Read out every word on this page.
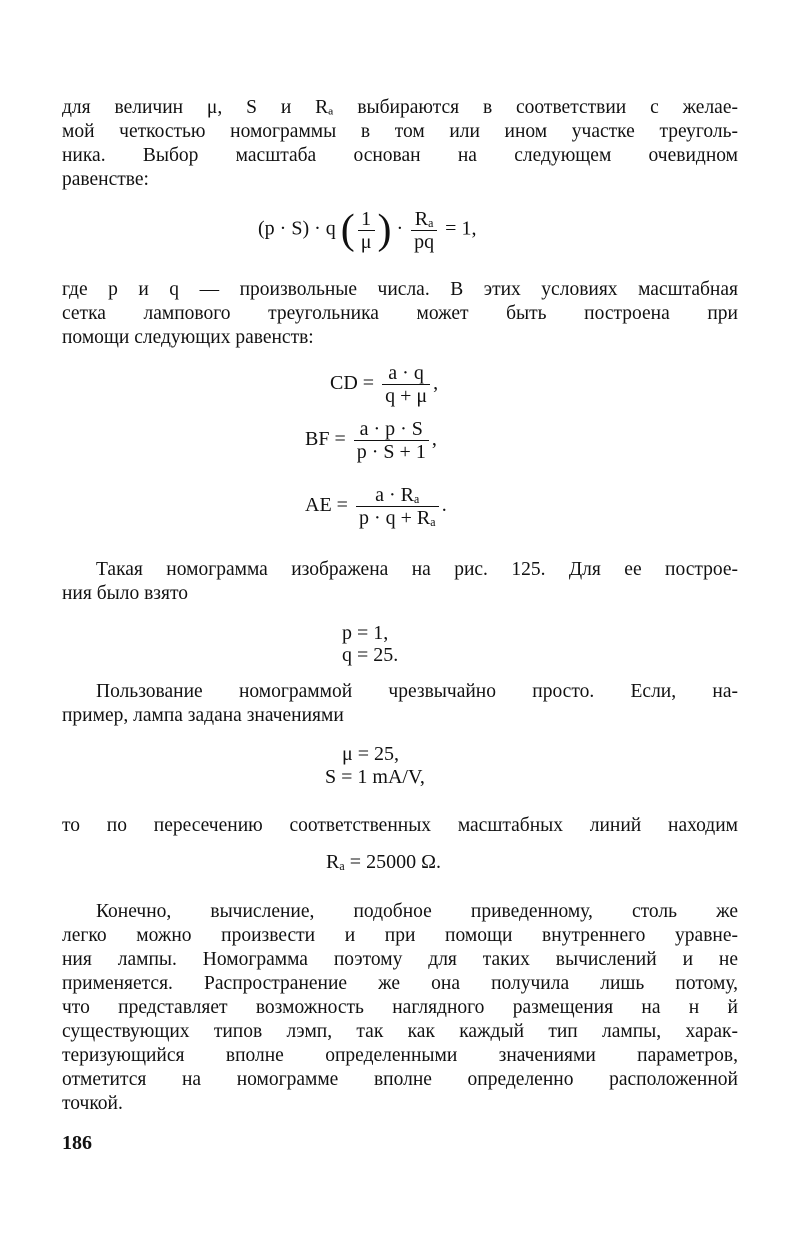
для величин μ, S и Rₐ выбираются в соответствии с желае-
мой четкостью номограммы в том или ином участке треуголь-
ника. Выбор масштаба основан на следующем очевидном
равенстве:
(p · S) · q ( $\frac{1}{\mu}$ ) · $\frac{\text{Rₐ}}{pq} = 1$,
где p и q — произвольные числа. В этих условиях масштабная
сетка лампового треугольника может быть построена при
помощи следующих равенств:
CD = $\frac{a \cdot q}{q + \mu}$ ,
BF = $\frac{a \cdot p \cdot S}{p \cdot S + 1}$ ,
AE = $\frac{\text{a · Rₐ}}{\text{p · q + Rₐ}}$ .
Такая номограмма изображена на рис. 125. Для ее построе-
ния было взято
p = 1,
q = 25.
Пользование номограммой чрезвычайно просто. Если, на-
пример, лампа задана значениями
μ = 25,
S = 1 mA/V,
то по пересечению соответственных масштабных линий находим
Rₐ = 25000 Ω.
Конечно, вычисление, подобное приведенному, столь же
легко можно произвести и при помощи внутреннего уравне-
ния лампы. Номограмма поэтому для таких вычислений и не
применяется. Распространение же она получила лишь потому,
что представляет возможность наглядного размещения на н й
существующих типов лэмп, так как каждый тип лампы, харак-
теризующийся вполне определенными значениями параметров,
отметится на номограмме вполне определенно расположенной
точкой.
186
